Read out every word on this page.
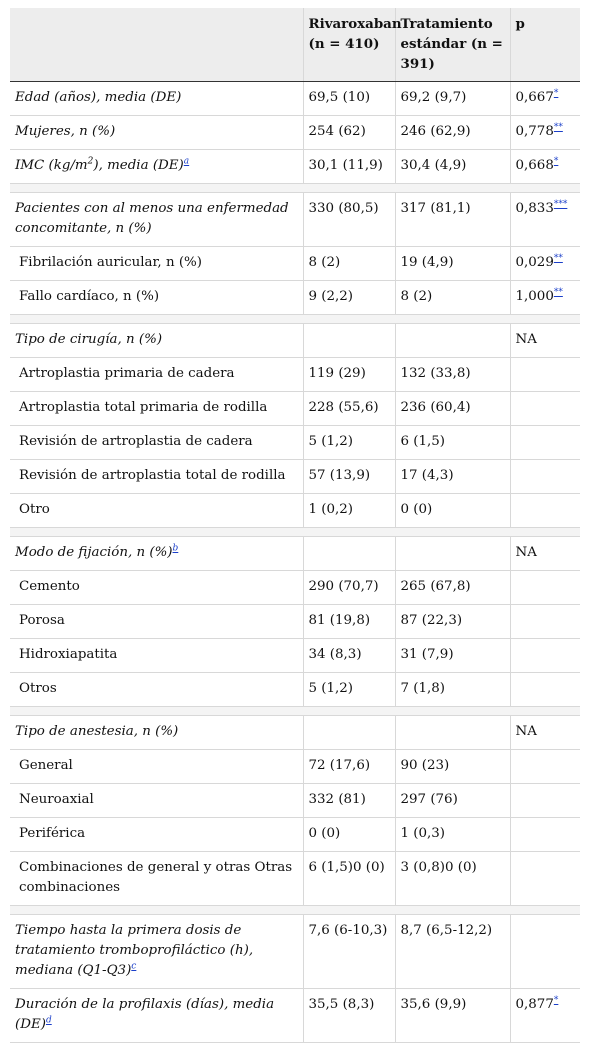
	Rivaroxaban (n = 410)	Tratamiento estándar (n = 391)	p
Edad (años), media (DE)	69,5 (10)	69,2 (9,7)	0,667*
Mujeres, n (%)	254 (62)	246 (62,9)	0,778**
IMC $(kg/m^2)$, media (DE)$^a$	30,1 (11,9)	30,4 (4,9)	0,668*

Pacientes con al menos una enfermedad concomitante, n (%)	330 (80,5)	317 (81,1)	0,833***
Fibrilación auricular, n (%)	8 (2)	19 (4,9)	0,029**
Fallo cardíaco, n (%)	9 (2,2)	8 (2)	1,000**

Tipo de cirugía, n (%)			NA
Artroplastia primaria de cadera	119 (29)	132 (33,8)	
Artroplastia total primaria de rodilla	228 (55,6)	236 (60,4)	
Revisión de artroplastia de cadera	5 (1,2)	6 (1,5)	
Revisión de artroplastia total de rodilla	57 (13,9)	17 (4,3)	
Otro	1 (0,2)	0 (0)	

Modo de fijación, n (%)$^b$			NA
Cemento	290 (70,7)	265 (67,8)	
Porosa	81 (19,8)	87 (22,3)	
Hidroxiapatita	34 (8,3)	31 (7,9)	
Otros	5 (1,2)	7 (1,8)	

Tipo de anestesia, n (%)			NA
General	72 (17,6)	90 (23)	
Neuroaxial	332 (81)	297 (76)	
Periférica	0 (0)	1 (0,3)	
Combinaciones de general y otras Otras combinaciones	6 (1,5)0 (0)	3 (0,8)0 (0)	

Tiempo hasta la primera dosis de tratamiento tromboprofiláctico (h), mediana $(Q1-Q3)^c$	7,6 (6-10,3)	8,7 (6,5-12,2)	
Duración de la profilaxis (días), media (DE)$^d$	35,5 (8,3)	35,6 (9,9)	0,877*
